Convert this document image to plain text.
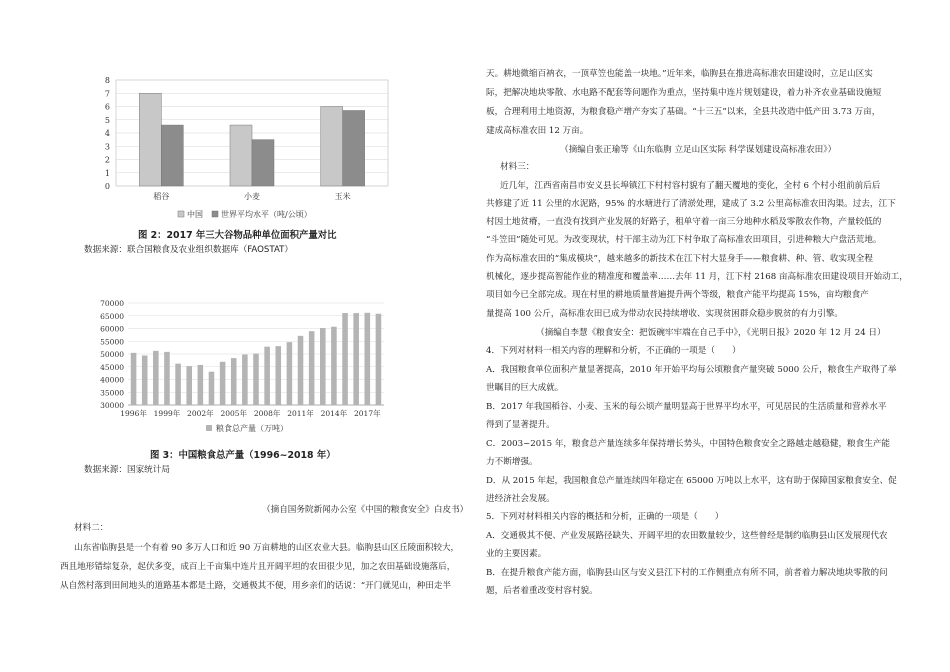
0
1
2
3
4
5
6
7
8
稻谷	小麦	玉米
中国 世界平均水平（吨/公顷）
图 2：2017 年三大谷物品种单位面积产量对比
数据来源：联合国粮食及农业组织数据库（FAOSTAT）
30000
35000
40000
45000
50000
55000
60000
65000
70000
1996年 1999年 2002年 2005年 2008年 2011年 2014年 2017年
粮食总产量（万吨）
图 3：中国粮食总产量（1996~2018 年）
数据来源：国家统计局
（摘自国务院新闻办公室《中国的粮食安全》白皮书）
材料二：
山东省临朐县是一个有着 90 多万人口和近 90 万亩耕地的山区农业大县。临朐县山区丘陵面积较大，
西且地形错综复杂，起伏多变，成百上千亩集中连片且开阔平坦的农田很少见，加之农田基础设施落后，
从自然村落到田间地头的道路基本都是土路，交通极其不便，用乡亲们的话说：“开门就见山，种田走半
天。耕地微缩百衲衣，一顶草笠也能盖一块地。”近年来，临朐县在推进高标准农田建设时，立足山区实
际，把解决地块零散、水电路不配套等问题作为重点，坚持集中连片规划建设，着力补齐农业基础设施短
板，合理利用土地资源，为粮食稳产增产夯实了基础。“十三五”以来，全县共改造中低产田 3.73 万亩，
建成高标准农田 12 万亩。
（摘编自张正瑜等《山东临朐 立足山区实际 科学谋划建设高标准农田》）
材料三：
近几年，江西省南昌市安义县长埠镇江下村村容村貌有了翻天覆地的变化，全村 6 个村小组前前后后
共修建了近 11 公里的水泥路，95% 的水塘进行了清淤处理，建成了 3.2 公里高标准农田沟渠。过去，江下
村因土地贫瘠，一直没有找到产业发展的好路子，租单守着一亩三分地种水稻及零散农作物，产量较低的
“斗笠田”随处可见。为改变现状，村干部主动为江下村争取了高标准农田项目，引进种粮大户盘活荒地。
作为高标准农田的“集成模块”，越来越多的新技术在江下村大显身手——粮食耕、种、管、收实现全程
机械化，逐步提高智能作业的精准度和覆盖率……去年 11 月，江下村 2168 亩高标准农田建设项目开始动工，
项目如今已全部完成。现在村里的耕地质量普遍提升两个等级，粮食产能平均提高 15%，亩均粮食产
量提高 100 公斤，高标准农田已成为带动农民持续增收、实现贫困群众稳步脱贫的有力引擎。
（摘编自李慧《粮食安全：把饭碗牢牢端在自己手中》，《光明日报》2020 年 12 月 24 日）
4．下列对材料一相关内容的理解和分析，不正确的一项是（　　）
A．我国粮食单位面积产量显著提高，2010 年开始平均每公顷粮食产量突破 5000 公斤，粮食生产取得了举
世瞩目的巨大成就。
B．2017 年我国稻谷、小麦、玉米的每公顷产量明显高于世界平均水平，可见居民的生活质量和营养水平
得到了显著提升。
C．2003~2015 年，粮食总产量连续多年保持增长势头，中国特色粮食安全之路越走越稳健，粮食生产能
力不断增强。
D．从 2015 年起，我国粮食总产量连续四年稳定在 65000 万吨以上水平，这有助于保障国家粮食安全、促
进经济社会发展。
5．下列对材料相关内容的概括和分析，正确的一项是（　　）
A．交通极其不便、产业发展路径缺失、开阔平坦的农田数量较少，这些曾经是制约临朐县山区发展现代农
业的主要因素。
B．在提升粮食产能方面，临朐县山区与安义县江下村的工作侧重点有所不同，前者着力解决地块零散的问
题，后者着重改变村容村貌。
